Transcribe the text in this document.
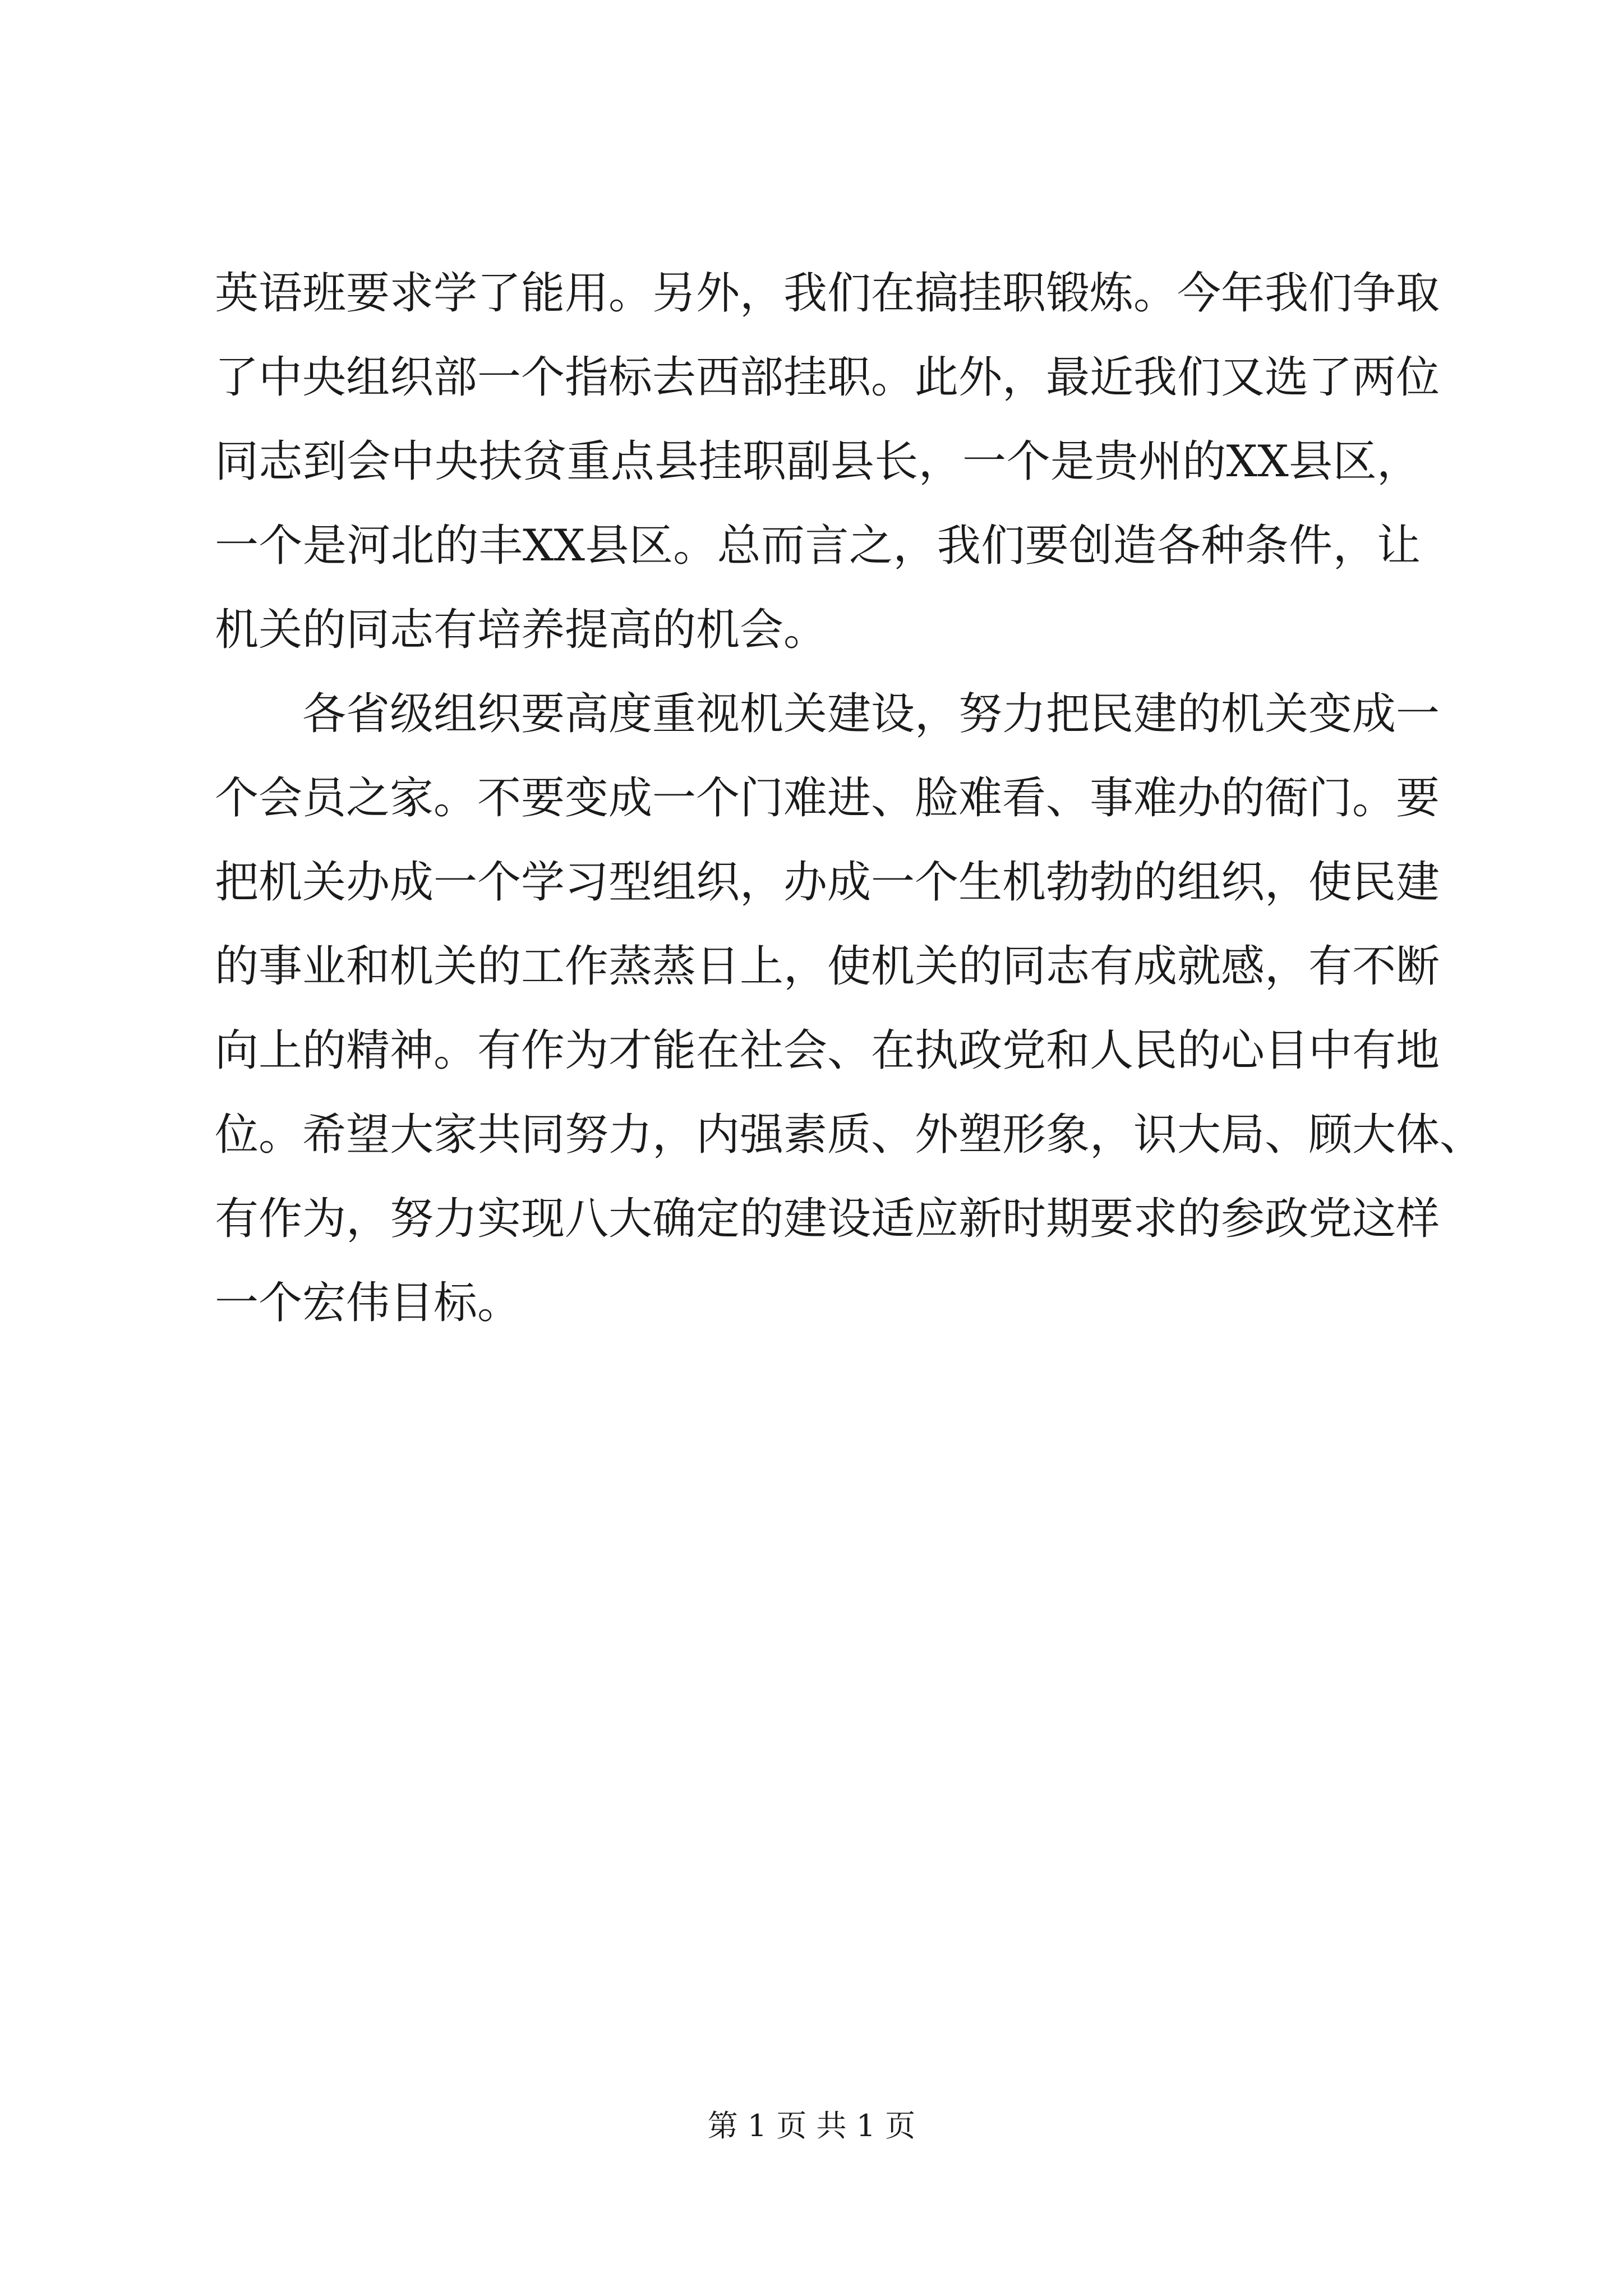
英语班要求学了能用。另外，我们在搞挂职锻炼。今年我们争取
了中央组织部一个指标去西部挂职。此外，最近我们又选了两位
同志到会中央扶贫重点县挂职副县长，一个是贵州的XX县区，
一个是河北的丰XX县区。总而言之，我们要创造各种条件，让
机关的同志有培养提高的机会。
各省级组织要高度重视机关建设，努力把民建的机关变成一
个会员之家。不要变成一个门难进、脸难看、事难办的衙门。要
把机关办成一个学习型组织，办成一个生机勃勃的组织，使民建
的事业和机关的工作蒸蒸日上，使机关的同志有成就感，有不断
向上的精神。有作为才能在社会、在执政党和人民的心目中有地
位。希望大家共同努力，内强素质、外塑形象，识大局、顾大体、
有作为，努力实现八大确定的建设适应新时期要求的参政党这样
一个宏伟目标。
第 1 页 共 1 页
